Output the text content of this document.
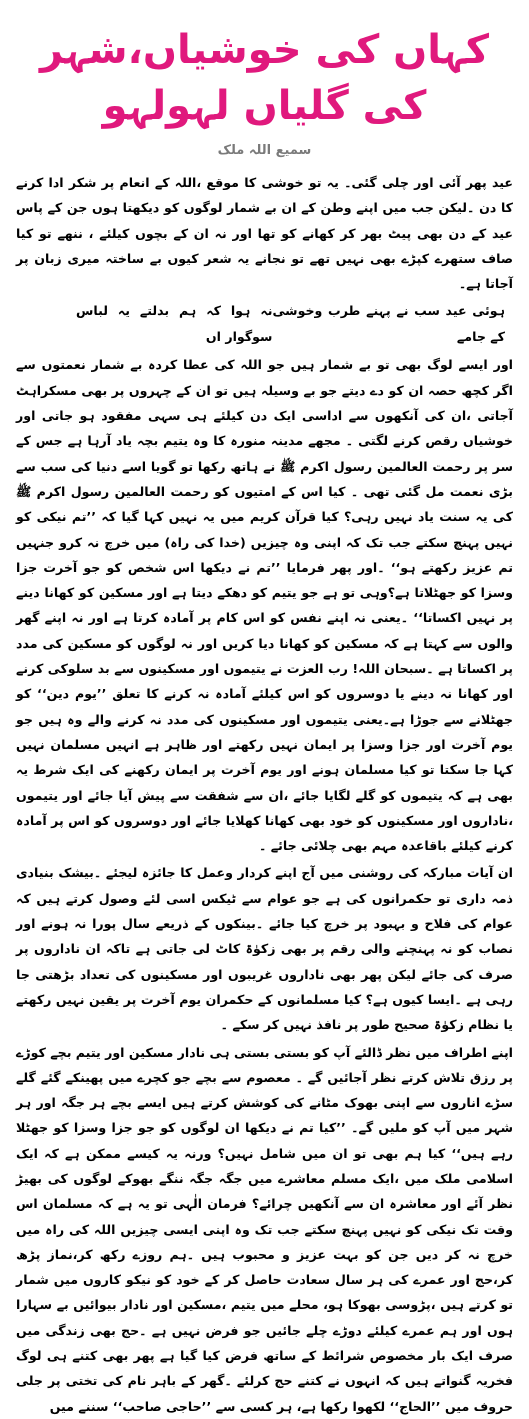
کہاں کی خوشیاں،شہر کی گلیاں لہولہو
سمیع اللہ ملک

عید پھر آئی اور چلی گئی۔ یہ تو خوشی کا موقع ،اللہ کے انعام پر شکر ادا کرنے کا دن ۔لیکن جب میں اپنے وطن کے ان بے شمار لوگوں کو دیکھتا ہوں جن کے پاس عید کے دن بھی پیٹ بھر کر کھانے کو تھا اور نہ ان کے بچوں کیلئے ، ننھے تو کیا صاف ستھرے کپڑے بھی نہیں تھے تو نجانے یہ شعر کیوں بے ساختہ میری زبان پر آجاتا ہے۔

ہوئی عید سب نے پہنے طرب وخوشی کے جامے
نہ ہوا کہ ہم بدلتے یہ لباس سوگوار اں

اور ایسے لوگ بھی تو بے شمار ہیں جو اللہ کی عطا کردہ بے شمار نعمتوں سے اگر کچھ حصہ ان کو دے دیتے جو بے وسیلہ ہیں تو ان کے چہروں پر بھی مسکراہٹ آجاتی ،ان کی آنکھوں سے اداسی ایک دن کیلئے ہی سہی مفقود ہو جاتی اور خوشیاں رقص کرنے لگتی ۔ مجھے مدینہ منورہ کا وہ یتیم بچہ یاد آرہا ہے جس کے سر پر رحمت العالمین رسول اکرم ﷺ نے ہاتھ رکھا تو گویا اسے دنیا کی سب سے بڑی نعمت مل گئی تھی ۔ کیا اس کے امتیوں کو رحمت العالمین رسول اکرم ﷺ کی یہ سنت یاد نہیں رہی؟ کیا قرآن کریم میں یہ نہیں کہا گیا کہ ’’تم نیکی کو نہیں پہنچ سکتے جب تک کہ اپنی وہ چیزیں (خدا کی راہ) میں خرچ نہ کرو جنہیں تم عزیز رکھتے ہو‘‘ ۔اور پھر فرمایا ’’تم نے دیکھا اس شخص کو جو آخرت جزا وسزا کو جھٹلاتا ہے؟وہی تو ہے جو یتیم کو دھکے دیتا ہے اور مسکین کو کھانا دینے پر نہیں اکساتا‘‘ ۔یعنی نہ اپنے نفس کو اس کام پر آمادہ کرتا ہے اور نہ اپنے گھر والوں سے کہتا ہے کہ مسکین کو کھانا دیا کریں اور نہ لوگوں کو مسکین کی مدد پر اکساتا ہے ۔سبحان اللہ! رب العزت نے یتیموں اور مسکینوں سے بد سلوکی کرنے اور کھانا نہ دینے یا دوسروں کو اس کیلئے آمادہ نہ کرنے کا تعلق ’’یوم دین‘‘ کو جھٹلانے سے جوڑا ہے۔یعنی یتیموں اور مسکینوں کی مدد نہ کرنے والے وہ ہیں جو یوم آخرت اور جزا وسزا پر ایمان نہیں رکھتے اور ظاہر ہے انہیں مسلمان نہیں کہا جا سکتا تو کیا مسلمان ہونے اور یوم آخرت پر ایمان رکھنے کی ایک شرط یہ بھی ہے کہ یتیموں کو گلے لگایا جائے ،ان سے شفقت سے پیش آیا جائے اور یتیموں ،ناداروں اور مسکینوں کو خود بھی کھانا کھلایا جائے اور دوسروں کو اس پر آمادہ کرنے کیلئے باقاعدہ مہم بھی چلائی جائے ۔

ان آیات مبارکہ کی روشنی میں آج اپنے کردار وعمل کا جائزہ لیجئے ۔بیشک بنیادی ذمہ داری تو حکمرانوں کی ہے جو عوام سے ٹیکس اسی لئے وصول کرتے ہیں کہ عوام کی فلاح و بہبود پر خرچ کیا جائے ۔بینکوں کے ذریعے سال پورا نہ ہونے اور نصاب کو نہ پہنچنے والی رقم پر بھی زکوٰۃ کاٹ لی جاتی ہے تاکہ ان ناداروں پر صرف کی جائے لیکن پھر بھی ناداروں غریبوں اور مسکینوں کی تعداد بڑھتی جا رہی ہے ۔ایسا کیوں ہے؟ کیا مسلمانوں کے حکمران یوم آخرت پر یقین نہیں رکھتے یا نظام زکوٰۃ صحیح طور پر نافذ نہیں کر سکے ۔

اپنے اطراف میں نظر ڈالئے آپ کو بستی بستی ہی نادار مسکین اور یتیم بچے کوڑے پر رزق تلاش کرتے نظر آجائیں گے ۔ معصوم سے بچے جو کچرے میں پھینکے گئے گلے سڑے اناروں سے اپنی بھوک مٹانے کی کوشش کرتے ہیں ایسے بچے ہر جگہ اور ہر شہر میں آپ کو ملیں گے۔ ’’کیا تم نے دیکھا ان لوگوں کو جو جزا وسزا کو جھٹلا رہے ہیں‘‘ کیا ہم بھی تو ان میں شامل نہیں؟ ورنہ یہ کیسے ممکن ہے کہ ایک اسلامی ملک میں ،ایک مسلم معاشرے میں جگہ جگہ ننگے بھوکے لوگوں کی بھیڑ نظر آئے اور معاشرہ ان سے آنکھیں چرائے؟ فرمان الٰہی تو یہ ہے کہ مسلمان اس وقت تک نیکی کو نہیں پہنچ سکتے جب تک وہ اپنی ایسی چیزیں اللہ کی راہ میں خرچ نہ کر دیں جن کو بہت عزیز و محبوب ہیں ۔ہم روزے رکھ کر،نماز پڑھ کر،حج اور عمرے کی ہر سال سعادت حاصل کر کے خود کو نیکو کاروں میں شمار تو کرتے ہیں ،پڑوسی بھوکا ہو، محلے میں یتیم ،مسکین اور نادار بیوائیں بے سہارا ہوں اور ہم عمرے کیلئے دوڑے چلے جائیں جو فرض نہیں ہے ۔حج بھی زندگی میں صرف ایک بار مخصوص شرائط کے ساتھ فرض کیا گیا ہے پھر بھی کتنے ہی لوگ فخریہ گنواتے ہیں کہ انہوں نے کتنے حج کرلئے ۔گھر کے باہر نام کی تختی پر جلی حروف میں ’’الحاج‘‘ لکھوا رکھا ہے، ہر کسی سے ’’حاجی صاحب‘‘ سننے میں
